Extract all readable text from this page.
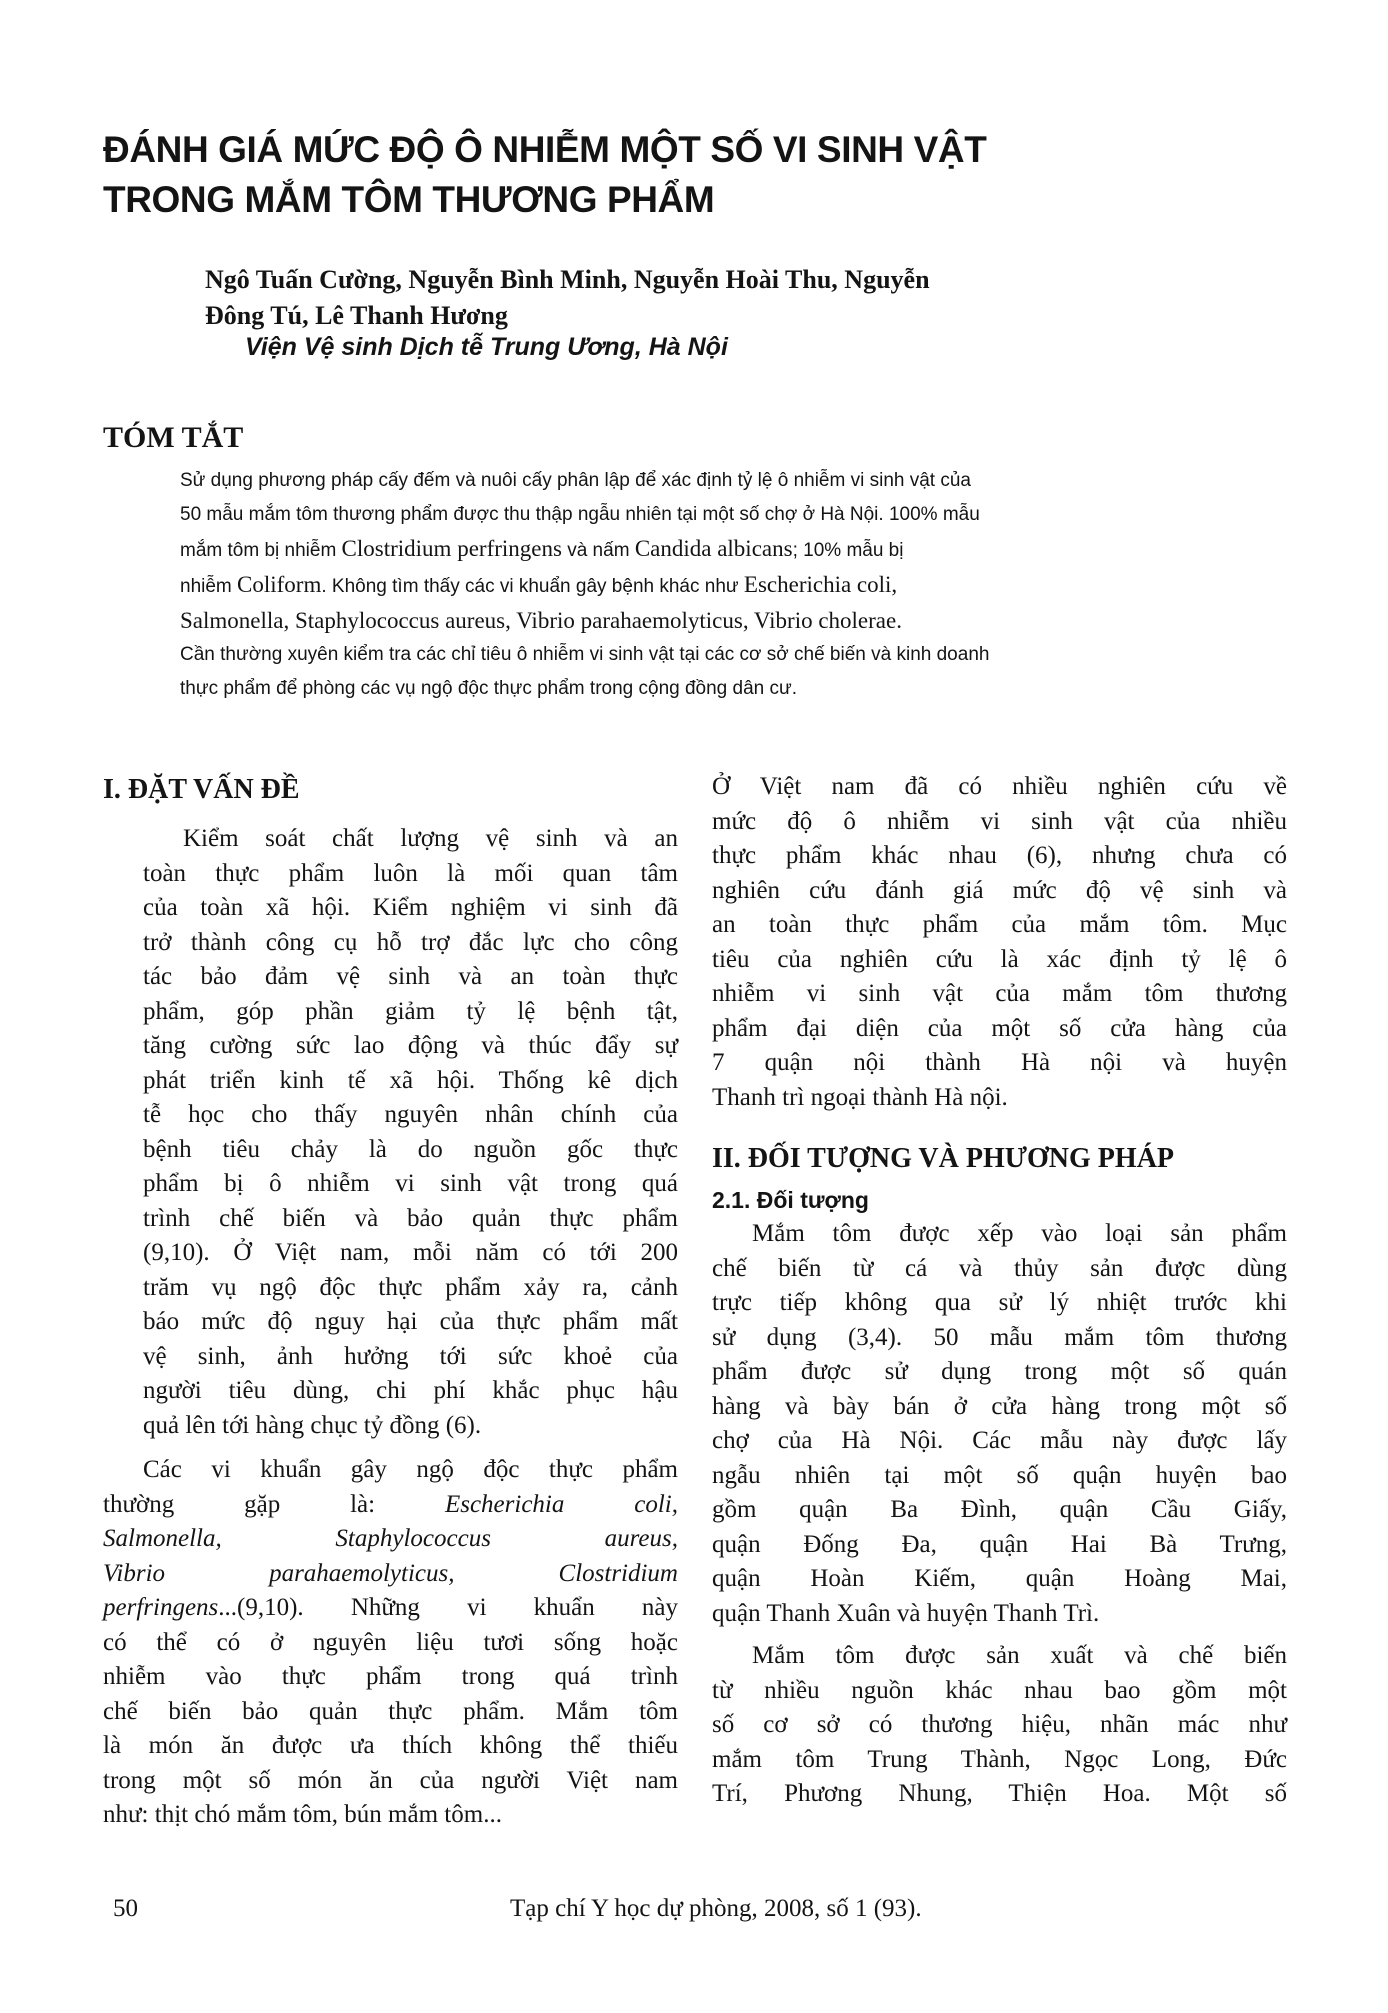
ĐÁNH GIÁ MỨC ĐỘ Ô NHIỄM MỘT SỐ VI SINH VẬT
TRONG MẮM TÔM THƯƠNG PHẨM
Ngô Tuấn Cường, Nguyễn Bình Minh, Nguyễn Hoài Thu, Nguyễn
Đông Tú, Lê Thanh Hương
Viện Vệ sinh Dịch tễ Trung Ương, Hà Nội
TÓM TẮT
Sử dụng phương pháp cấy đếm và nuôi cấy phân lập để xác định tỷ lệ ô nhiễm vi sinh vật của
50 mẫu mắm tôm thương phẩm được thu thập ngẫu nhiên tại một số chợ ở Hà Nội. 100% mẫu
mắm tôm bị nhiễm Clostridium perfringens và nấm Candida albicans; 10% mẫu bị
nhiễm Coliform. Không tìm thấy các vi khuẩn gây bệnh khác như Escherichia coli,
Salmonella, Staphylococcus aureus, Vibrio parahaemolyticus, Vibrio cholerae.
Cần thường xuyên kiểm tra các chỉ tiêu ô nhiễm vi sinh vật tại các cơ sở chế biến và kinh doanh
thực phẩm để phòng các vụ ngộ độc thực phẩm trong cộng đồng dân cư.
I. ĐẶT VẤN ĐỀ

Kiểm soát chất lượng vệ sinh và an
toàn thực phẩm luôn là mối quan tâm
của toàn xã hội. Kiểm nghiệm vi sinh đã
trở thành công cụ hỗ trợ đắc lực cho công
tác bảo đảm vệ sinh và an toàn thực
phẩm, góp phần giảm tỷ lệ bệnh tật,
tăng cường sức lao động và thúc đẩy sự
phát triển kinh tế xã hội. Thống kê dịch
tễ học cho thấy nguyên nhân chính của
bệnh tiêu chảy là do nguồn gốc thực
phẩm bị ô nhiễm vi sinh vật trong quá
trình chế biến và bảo quản thực phẩm
(9,10). Ở Việt nam, mỗi năm có tới 200
trăm vụ ngộ độc thực phẩm xảy ra, cảnh
báo mức độ nguy hại của thực phẩm mất
vệ sinh, ảnh hưởng tới sức khoẻ của
người tiêu dùng, chi phí khắc phục hậu
quả lên tới hàng chục tỷ đồng (6).

Các vi khuẩn gây ngộ độc thực phẩm
thường gặp là: Escherichia coli,
Salmonella, Staphylococcus aureus,
Vibrio parahaemolyticus, Clostridium
perfringens...(9,10). Những vi khuẩn này
có thể có ở nguyên liệu tươi sống hoặc
nhiễm vào thực phẩm trong quá trình
chế biến bảo quản thực phẩm. Mắm tôm
là món ăn được ưa thích không thể thiếu
trong một số món ăn của người Việt nam
như: thịt chó mắm tôm, bún mắm tôm...

Ở Việt nam đã có nhiều nghiên cứu về
mức độ ô nhiễm vi sinh vật của nhiều
thực phẩm khác nhau (6), nhưng chưa có
nghiên cứu đánh giá mức độ vệ sinh và
an toàn thực phẩm của mắm tôm. Mục
tiêu của nghiên cứu là xác định tỷ lệ ô
nhiễm vi sinh vật của mắm tôm thương
phẩm đại diện của một số cửa hàng của
7 quận nội thành Hà nội và huyện
Thanh trì ngoại thành Hà nội.

II. ĐỐI TƯỢNG VÀ PHƯƠNG PHÁP
2.1. Đối tượng

Mắm tôm được xếp vào loại sản phẩm
chế biến từ cá và thủy sản được dùng
trực tiếp không qua sử lý nhiệt trước khi
sử dụng (3,4). 50 mẫu mắm tôm thương
phẩm được sử dụng trong một số quán
hàng và bày bán ở cửa hàng trong một số
chợ của Hà Nội. Các mẫu này được lấy
ngẫu nhiên tại một số quận huyện bao
gồm quận Ba Đình, quận Cầu Giấy,
quận Đống Đa, quận Hai Bà Trưng,
quận Hoàn Kiếm, quận Hoàng Mai,
quận Thanh Xuân và huyện Thanh Trì.

Mắm tôm được sản xuất và chế biến
từ nhiều nguồn khác nhau bao gồm một
số cơ sở có thương hiệu, nhãn mác như
mắm tôm Trung Thành, Ngọc Long, Đức
Trí, Phương Nhung, Thiện Hoa. Một số

50	Tạp chí Y học dự phòng, 2008, số 1 (93).
